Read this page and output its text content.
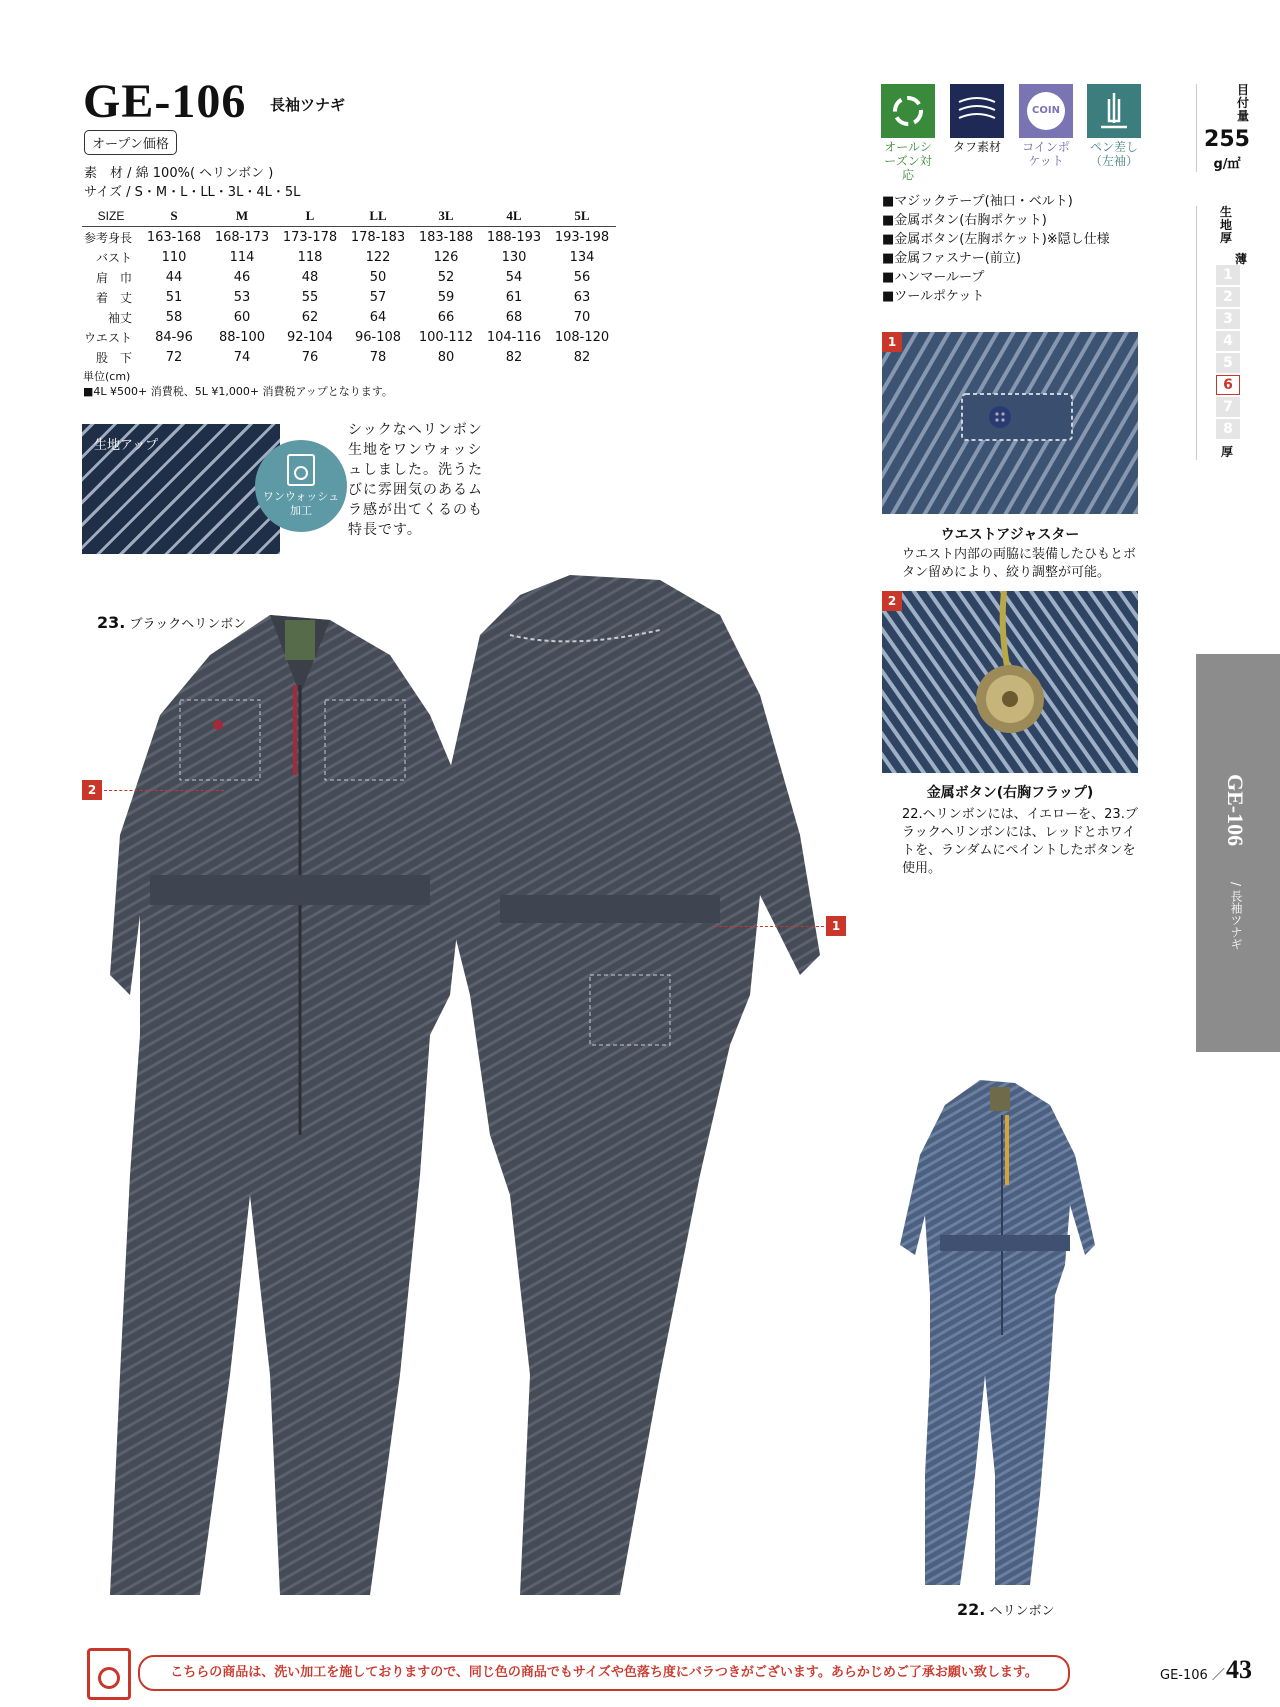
GE-106 長袖ツナギ
オープン価格
素　材 / 綿 100%( ヘリンボン )
サイズ / S・M・L・LL・3L・4L・5L
SIZE	S	M	L	LL	3L	4L	5L
参考身長	163-168	168-173	173-178	178-183	183-188	188-193	193-198
バスト	110	114	118	122	126	130	134
肩　巾	44	46	48	50	52	54	56
着　丈	51	53	55	57	59	61	63
袖丈	58	60	62	64	66	68	70
ウエスト	84-96	88-100	92-104	96-108	100-112	104-116	108-120
股　下	72	74	76	78	80	82	82
単位(cm)
■4L ¥500+ 消費税、5L ¥1,000+ 消費税アップとなります。
生地アップ
ワンウォッシュ
加工
シックなヘリンボン生地をワンウォッシュしました。洗うたびに雰囲気のあるムラ感が出てくるのも特長です。
オールシーズン対応
タフ素材
COIN
コインポケット
ペン差し（左袖）
目付量
255
g/㎡
生地厚
薄
1
2
3
4
5
6
7
8
厚
■ マジックテープ(袖口・ベルト)
■ 金属ボタン(右胸ポケット)
■ 金属ボタン(左胸ポケット)※隠し仕様
■ 金属ファスナー(前立)
■ ハンマーループ
■ ツールポケット
1
ウエストアジャスター
ウエスト内部の両脇に装備したひもとボタン留めにより、絞り調整が可能。
2
金属ボタン(右胸フラップ)
22.ヘリンボンには、イエローを、23.ブラックヘリンボンには、レッドとホワイトを、ランダムにペイントしたボタンを使用。
GE-106
/ 長袖ツナギ
23. ブラックヘリンボン
2
1
22. ヘリンボン
こちらの商品は、洗い加工を施しておりますので、同じ色の商品でもサイズや色落ち度にバラつきがございます。あらかじめご了承お願い致します。	GE-106 ／ 43
